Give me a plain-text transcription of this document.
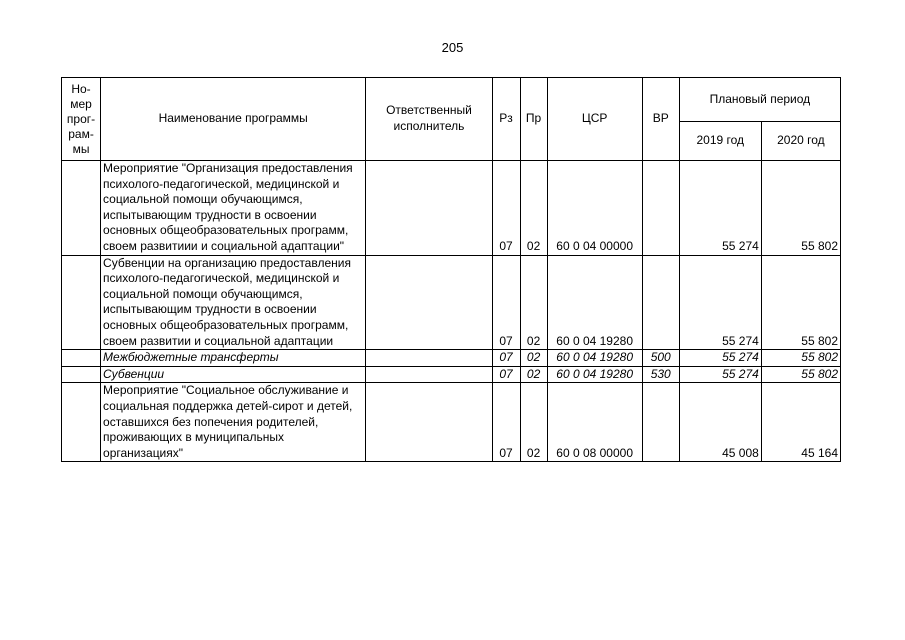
205
Но-
мер
прог-
рам-
мы	Наименование программы	Ответственный исполнитель	Рз	Пр	ЦСР	ВР	Плановый период	
							2019 год	2020 год
	Мероприятие "Организация предоставления психолого-педагогической, медицинской и социальной помощи обучающимся, испытывающим трудности в освоении основных общеобразовательных программ, своем развитиии и социальной адаптации"		07	02	60 0 04 00000		55 274	55 802
	Субвенции на организацию предоставления психолого-педагогической, медицинской и социальной помощи обучающимся, испытывающим трудности в освоении основных общеобразовательных программ, своем развитии и социальной адаптации		07	02	60 0 04 19280		55 274	55 802
	Межбюджетные трансферты		07	02	60 0 04 19280	500	55 274	55 802
	Субвенции		07	02	60 0 04 19280	530	55 274	55 802
	Мероприятие "Социальное обслуживание и социальная поддержка детей-сирот и детей, оставшихся без попечения родителей, проживающих в муниципальных организациях"		07	02	60 0 08 00000		45 008	45 164
